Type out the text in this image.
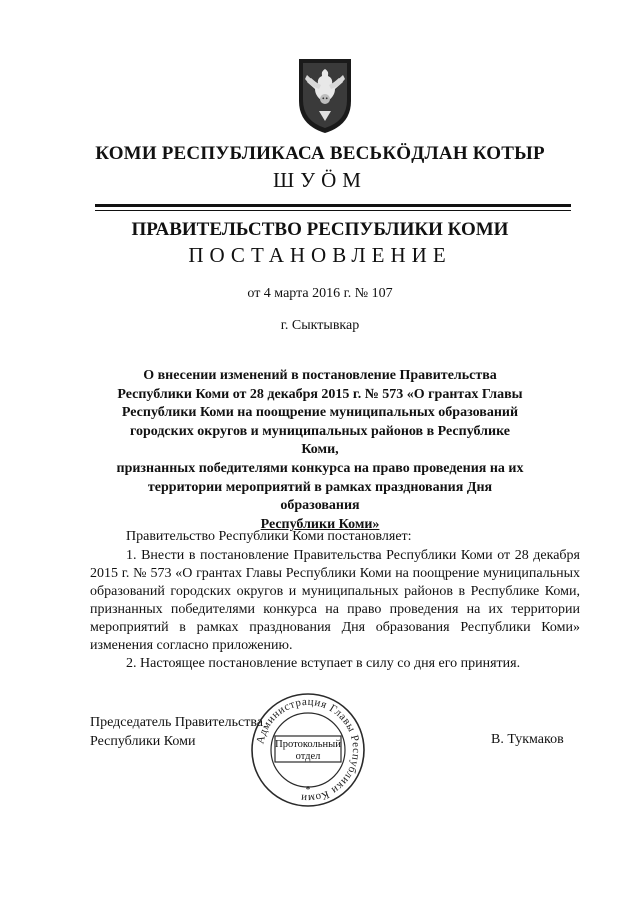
КОМИ РЕСПУБЛИКАСА ВЕСЬКӦДЛАН КОТЫР
ШУӦМ
ПРАВИТЕЛЬСТВО РЕСПУБЛИКИ КОМИ
ПОСТАНОВЛЕНИЕ
от 4 марта 2016 г. № 107
г. Сыктывкар
О внесении изменений в постановление Правительства
Республики Коми от 28 декабря 2015 г. № 573 «О грантах Главы
Республики Коми на поощрение муниципальных образований
городских округов и муниципальных районов в Республике Коми,
признанных победителями конкурса на право проведения на их
территории мероприятий в рамках празднования Дня образования
Республики Коми»

Правительство Республики Коми постановляет:

1. Внести в постановление Правительства Республики Коми от 28 декабря 2015 г. № 573 «О грантах Главы Республики Коми на поощрение муниципальных образований городских округов и муниципальных районов в Республике Коми, признанных победителями конкурса на право проведения на их территории мероприятий в рамках празднования Дня образования Республики Коми» изменения согласно приложению.

2. Настоящее постановление вступает в силу со дня его принятия.

Председатель Правительства
Республики Коми	В. Тукмаков
Администрация Главы Республики Коми
Протокольный
отдел
*
